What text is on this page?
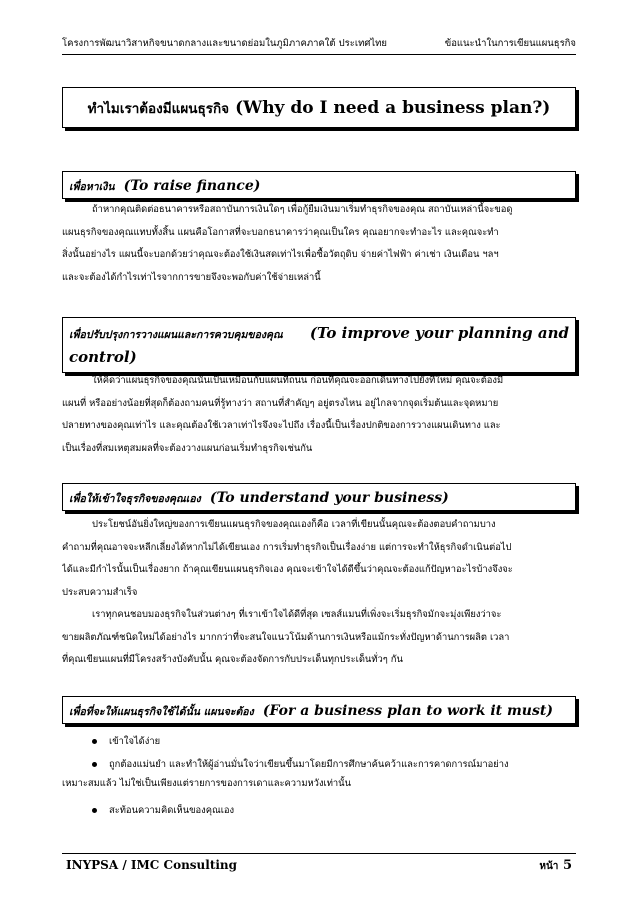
โครงการพัฒนาวิสาหกิจขนาดกลางและขนาดย่อมในภูมิภาคภาคใต้ ประเทศไทย	ข้อแนะนำในการเขียนแผนธุรกิจ
ทำไมเราต้องมีแผนธุรกิจ (Why do I need a business plan?)
เพื่อหาเงิน (To raise finance)
ถ้าหากคุณติดต่อธนาคารหรือสถาบันการเงินใดๆ เพื่อกู้ยืมเงินมาเริ่มทำธุรกิจของคุณ สถาบันเหล่านี้จะขอดู
แผนธุรกิจของคุณแทบทั้งสิ้น แผนคือโอกาสที่จะบอกธนาคารว่าคุณเป็นใคร คุณอยากจะทำอะไร และคุณจะทำ
สิ่งนั้นอย่างไร แผนนี้จะบอกด้วยว่าคุณจะต้องใช้เงินสดเท่าไรเพื่อซื้อวัตถุดิบ จ่ายค่าไฟฟ้า ค่าเช่า เงินเดือน ฯลฯ
และจะต้องได้กำไรเท่าไรจากการขายจึงจะพอกับค่าใช้จ่ายเหล่านี้
เพื่อปรับปรุงการวางแผนและการควบคุมของคุณ (To improve your planning and
control)
ให้คิดว่าแผนธุรกิจของคุณนั้นเป็นเหมือนกับแผนที่ถนน ก่อนที่คุณจะออกเดินทางไปยังที่ใหม่ คุณจะต้องมี
แผนที่ หรืออย่างน้อยที่สุดก็ต้องถามคนที่รู้ทางว่า สถานที่สำคัญๆ อยู่ตรงไหน อยู่ไกลจากจุดเริ่มต้นและจุดหมาย
ปลายทางของคุณเท่าไร และคุณต้องใช้เวลาเท่าไรจึงจะไปถึง เรื่องนี้เป็นเรื่องปกติของการวางแผนเดินทาง และ
เป็นเรื่องที่สมเหตุสมผลที่จะต้องวางแผนก่อนเริ่มทำธุรกิจเช่นกัน
เพื่อให้เข้าใจธุรกิจของคุณเอง (To understand your business)
ประโยชน์อันยิ่งใหญ่ของการเขียนแผนธุรกิจของคุณเองก็คือ เวลาที่เขียนนั้นคุณจะต้องตอบคำถามบาง
คำถามที่คุณอาจจะหลีกเลี่ยงได้หากไม่ได้เขียนเอง การเริ่มทำธุรกิจเป็นเรื่องง่าย แต่การจะทำให้ธุรกิจดำเนินต่อไป
ได้และมีกำไรนั้นเป็นเรื่องยาก ถ้าคุณเขียนแผนธุรกิจเอง คุณจะเข้าใจได้ดีขึ้นว่าคุณจะต้องแก้ปัญหาอะไรบ้างจึงจะ
ประสบความสำเร็จ
เราทุกคนชอบมองธุรกิจในส่วนต่างๆ ที่เราเข้าใจได้ดีที่สุด เซลส์แมนที่เพิ่งจะเริ่มธุรกิจมักจะมุ่งเพียงว่าจะ
ขายผลิตภัณฑ์ชนิดใหม่ได้อย่างไร มากกว่าที่จะสนใจแนวโน้มด้านการเงินหรือแม้กระทั่งปัญหาด้านการผลิต เวลา
ที่คุณเขียนแผนที่มีโครงสร้างบังคับนั้น คุณจะต้องจัดการกับประเด็นทุกประเด็นทั่วๆ กัน
เพื่อที่จะให้แผนธุรกิจใช้ได้นั้น แผนจะต้อง (For a business plan to work it must)
เข้าใจได้ง่าย
ถูกต้องแม่นยำ และทำให้ผู้อ่านมั่นใจว่าเขียนขึ้นมาโดยมีการศึกษาค้นคว้าและการคาดการณ์มาอย่าง
เหมาะสมแล้ว ไม่ใช่เป็นเพียงแต่รายการของการเดาและความหวังเท่านั้น
สะท้อนความคิดเห็นของคุณเอง
INYPSA / IMC Consulting	หน้า 5
